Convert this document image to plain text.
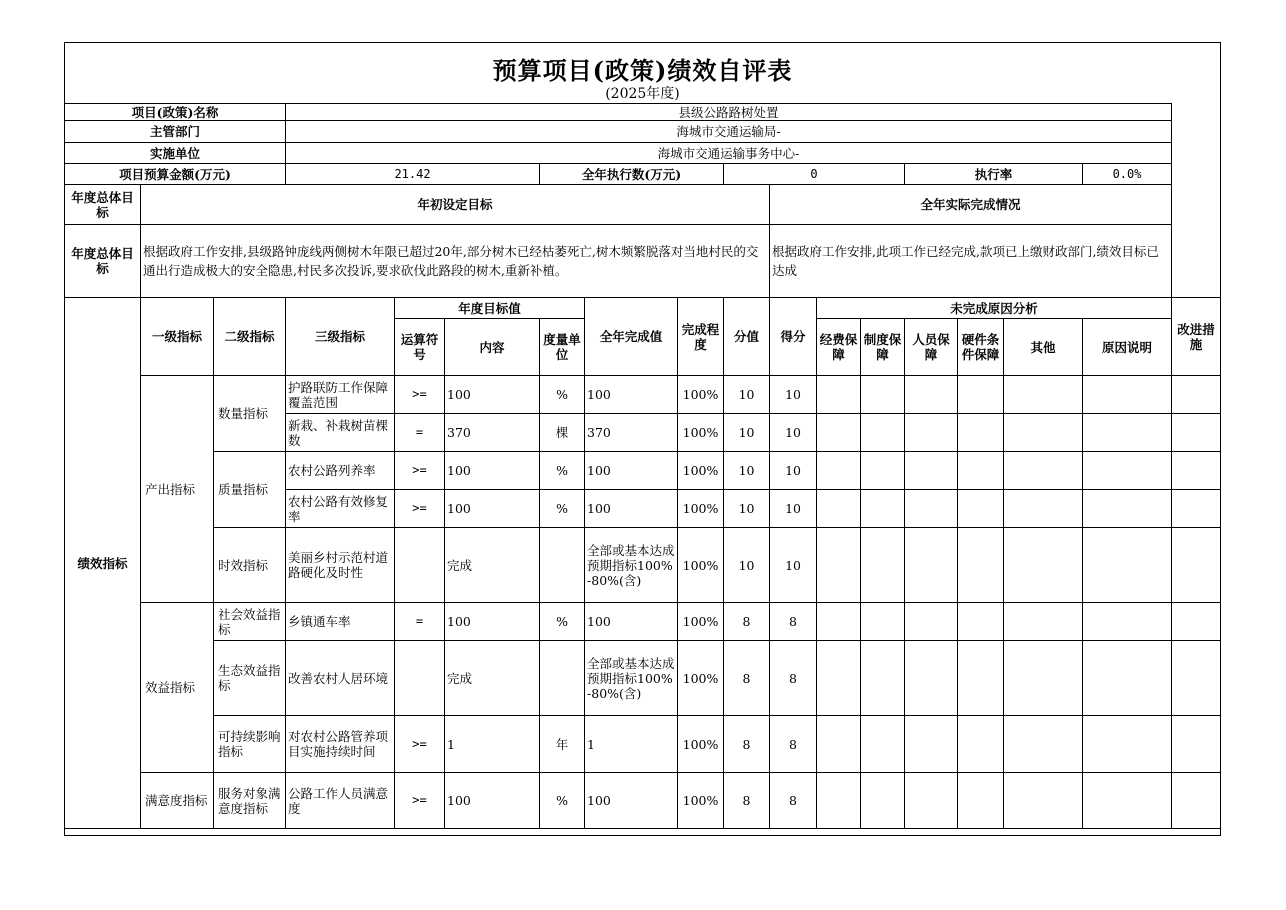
预算项目(政策)绩效自评表
(2025年度)
项目(政策)名称			县级公路路树处置														
主管部门			海城市交通运输局-														
实施单位			海城市交通运输事务中心-														
项目预算金额(万元)			21.42			全年执行数(万元)			0				执行率			0.0%	
年度总体目标	年初设定目标									全年实际完成情况							
年度总体目标	根据政府工作安排,县级路钟庞线两侧树木年限已超过20年,部分树木已经枯萎死亡,树木频繁脱落对当地村民的交通出行造成极大的安全隐患,村民多次投诉,要求砍伐此路段的树木,重新补植。									根据政府工作安排,此项工作已经完成,款项已上缴财政部门,绩效目标已达成							
绩效指标	一级指标	二级指标	三级指标	年度目标值			全年完成值	完成程度	分值	得分	未完成原因分析						改进措施
				运算符号	内容	度量单位					经费保障	制度保障	人员保障	硬件条件保障	其他	原因说明	
	产出指标	数量指标	护路联防工作保障覆盖范围	>=	100	%	100	100%	10	10							
			新栽、补栽树苗棵数	=	370	棵	370	100%	10	10							
		质量指标	农村公路列养率	>=	100	%	100	100%	10	10							
			农村公路有效修复率	>=	100	%	100	100%	10	10							
		时效指标	美丽乡村示范村道路硬化及时性		完成		全部或基本达成预期指标100%-80%(含)	100%	10	10							
	效益指标	社会效益指标	乡镇通车率	=	100	%	100	100%	8	8							
		生态效益指标	改善农村人居环境		完成		全部或基本达成预期指标100%-80%(含)	100%	8	8							
		可持续影响指标	对农村公路管养项目实施持续时间	>=	1	年	1	100%	8	8							
	满意度指标	服务对象满意度指标	公路工作人员满意度	>=	100	%	100	100%	8	8							
